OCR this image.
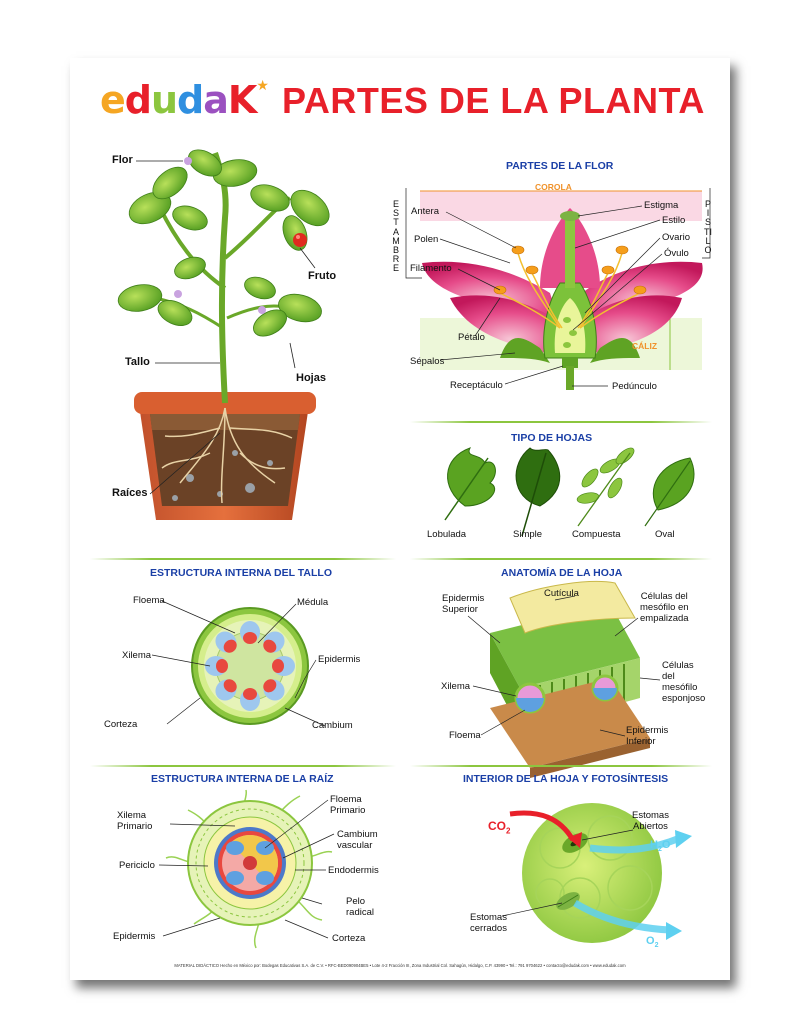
edudaK★ PARTES DE LA PLANTA
Flor
Fruto
Tallo
Hojas
Raíces
PARTES DE LA FLOR
COROLA
ESTAMBRE
PISTILO
CÁLIZ
Antera
Polen
Filamento
Estigma
Estilo
Ovario
Óvulo
Pétalo
Sépalos
Receptáculo	Pedúnculo
TIPO DE HOJAS
Lobulada	Simple	Compuesta	Oval
ESTRUCTURA INTERNA DEL TALLO
Floema	Médula
Xilema	Epidermis
Corteza	Cambium
ANATOMÍA DE LA HOJA
Epidermis
Superior
Cutícula	Células del
mesófilo en
empalizada
Células
del
mesófilo
esponjoso
Xilema
Floema	Epidermis
Inferior
ESTRUCTURA INTERNA DE LA RAÍZ
Xilema
Primario
Floema
Primario
Cambium
vascular
Periciclo	Endodermis
Pelo
radical
Epidermis	Corteza
INTERIOR DE LA HOJA Y FOTOSÍNTESIS
$CO_2$
$H_2O$
$O_2$
Estomas
Abiertos
Estomas
cerrados
MATERIAL DIDÁCTICO Hecho en México por: Bodegas Educativas S.A. de C.V. • RFC-BED090904BE5 • Lote 4-2 Fracción III, Zona Industrial Col. Sahagún, Hidalgo, C.P. 43990 • Tel.: 791 9704622 • contacto@edudak.com • www.edudak.com
